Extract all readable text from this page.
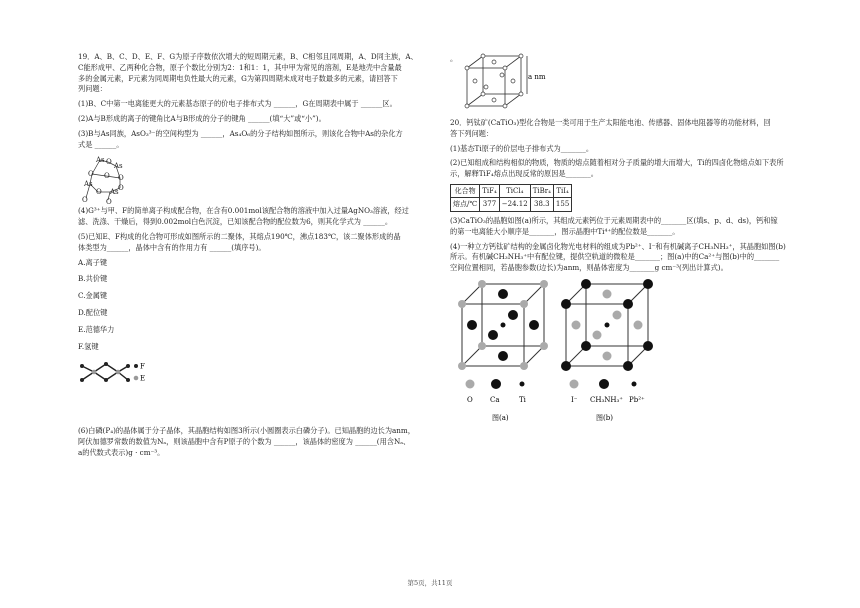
19．A、B、C、D、E、F、G为原子序数依次增大的短周期元素，B、C相邻且同周期，A、D同主族，A、
C能形成甲、乙两种化合物，原子个数比分别为2：1和1：1，其中甲为常见的溶剂，E是地壳中含量最
多的金属元素，F元素为同周期电负性最大的元素，G为第四周期未成对电子数最多的元素，请回答下
列问题：

(1)B、C中第一电离能更大的元素基态原子的价电子排布式为 ______，G在周期表中属于 ______区。

(2)A与B形成的离子的键角比A与B形成的分子的键角 ______(填“大”或“小”)。

(3)B与As同族，AsO₃³⁻的空间构型为 ______，As₄O₆的分子结构如图所示，则该化合物中As的杂化方
式是 ______。

As O As
O O O
As
O As O
O	O

(4)G³⁺与甲、F的简单离子构成配合物，在含有0.001mol该配合物的溶液中加入过量AgNO₃溶液，经过
滤、洗涤、干燥后，得到0.002mol白色沉淀，已知该配合物的配位数为6，则其化学式为 ______。

(5)已知E、F构成的化合物可形成如图所示的二聚体，其熔点190℃，沸点183℃，该二聚体形成的晶
体类型为______，晶体中含有的作用力有 ______(填序号)。

A.离子键

B.共价键

C.金属键

D.配位键

E.范德华力

F.氢键

F
E

(6)白磷(P₄)的晶体属于分子晶体，其晶胞结构如图3所示(小圆圈表示白磷分子)。已知晶胞的边长为anm，
阿伏加德罗常数的数值为Nₐ，则该晶胞中含有P原子的个数为 ______，该晶体的密度为 ______(用含Nₐ、
a的代数式表示)g · cm⁻³。

。
a nm

20．钙钛矿(CaTiO₃)型化合物是一类可用于生产太阳能电池、传感器、固体电阻器等的功能材料，回
答下列问题：

(1)基态Ti原子的价层电子排布式为_______。

(2)已知组成和结构相似的物质，物质的熔点随着相对分子质量的增大而增大，Ti的四卤化物熔点如下表所
示，解释TiF₄熔点出现反常的原因是_______。

化合物	TiF₄	TiCl₄	TiBr₄	TiI₄
熔点/℃	377	−24.12	38.3	155

(3)CaTiO₃的晶胞如图(a)所示，其组成元素钙位于元素周期表中的_______区(填s、p、d、ds)，钙和镓
的第一电离能大小顺序是_______，图示晶胞中Ti⁴⁺的配位数是_______。

(4)一种立方钙钛矿结构的金属卤化物光电材料的组成为Pb²⁺、I⁻和有机碱离子CH₃NH₃⁺，其晶胞如图(b)
所示。有机碱CH₃NH₃⁺中有配位键，提供空轨道的微粒是_______；图(a)中的Ca²⁺与图(b)中的_______
空间位置相同，若晶胞参数(边长)为anm，则晶体密度为_______g cm⁻³(列出计算式)。

O Ca	Ti
图(a)
I⁻ CH₃NH₃⁺ Pb²⁺
图(b)
第5页，共11页
